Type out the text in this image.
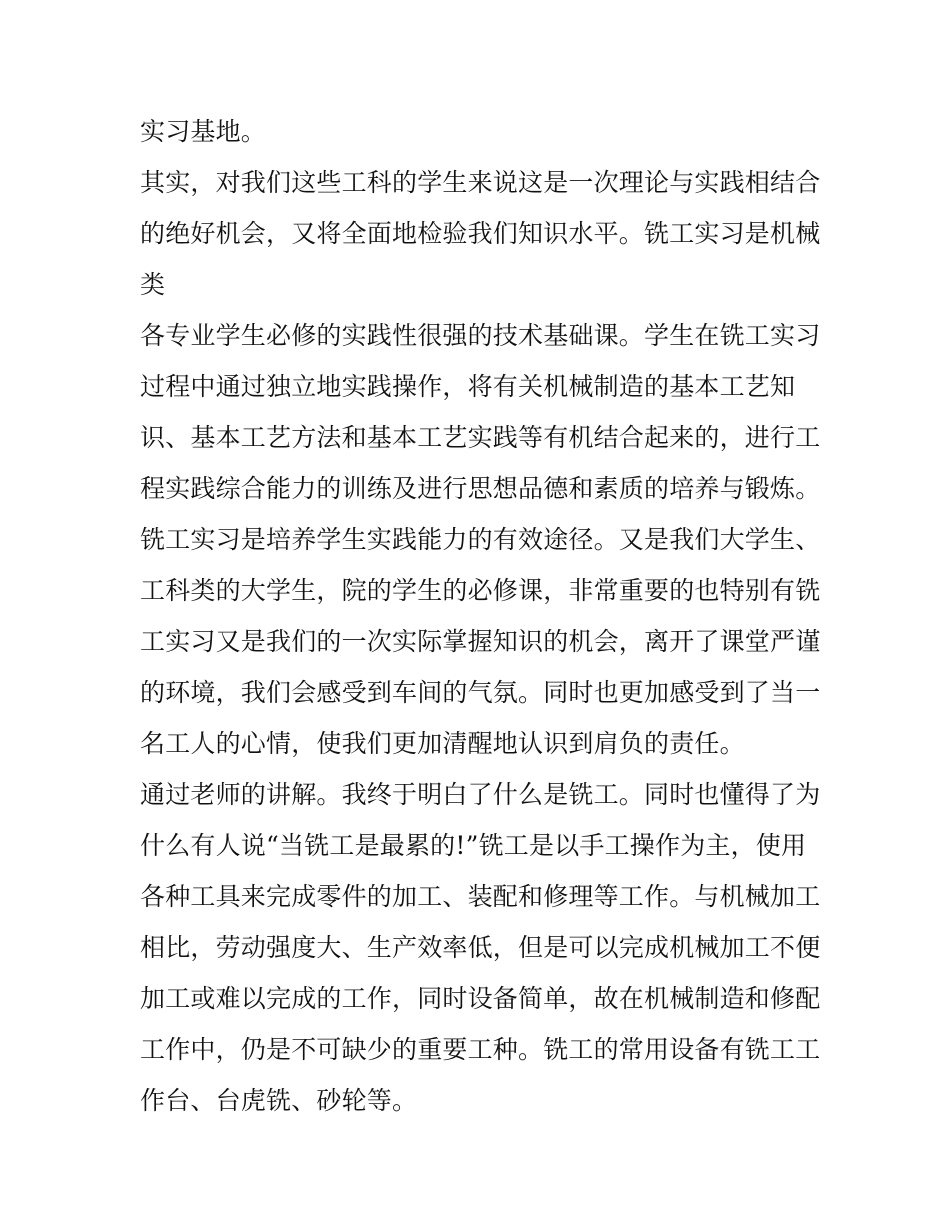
实习基地。
其实，对我们这些工科的学生来说这是一次理论与实践相结合
的绝好机会，又将全面地检验我们知识水平。铣工实习是机械
类
各专业学生必修的实践性很强的技术基础课。学生在铣工实习
过程中通过独立地实践操作，将有关机械制造的基本工艺知
识、基本工艺方法和基本工艺实践等有机结合起来的，进行工
程实践综合能力的训练及进行思想品德和素质的培养与锻炼。
铣工实习是培养学生实践能力的有效途径。又是我们大学生、
工科类的大学生，院的学生的必修课，非常重要的也特别有铣
工实习又是我们的一次实际掌握知识的机会，离开了课堂严谨
的环境，我们会感受到车间的气氛。同时也更加感受到了当一
名工人的心情，使我们更加清醒地认识到肩负的责任。
通过老师的讲解。我终于明白了什么是铣工。同时也懂得了为
什么有人说“当铣工是最累的!”铣工是以手工操作为主，使用
各种工具来完成零件的加工、装配和修理等工作。与机械加工
相比，劳动强度大、生产效率低，但是可以完成机械加工不便
加工或难以完成的工作，同时设备简单，故在机械制造和修配
工作中，仍是不可缺少的重要工种。铣工的常用设备有铣工工
作台、台虎铣、砂轮等。
